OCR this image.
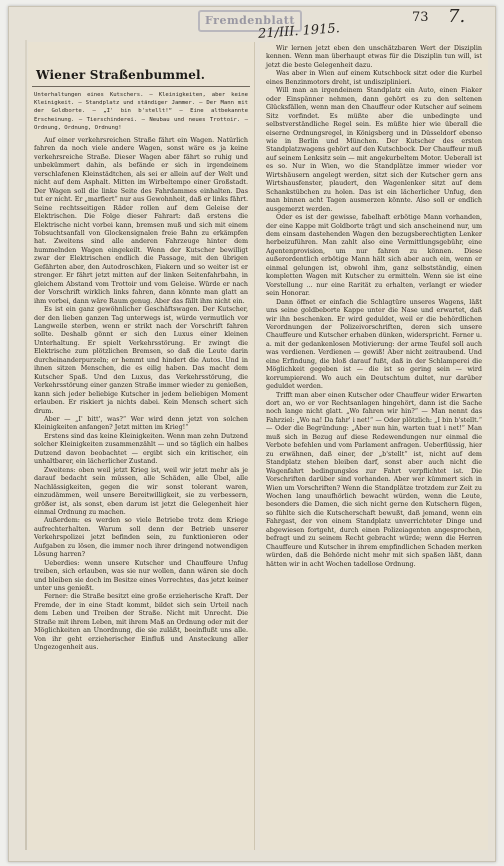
Fremdenblatt
21/III. 1915.
73 7.
Wiener Straßenbummel.
Unterhaltungen eines Kutschers. — Kleinigkeiten, aber keine Kleinigkeit. — Standplatz und ständiger Jammer. — Der Mann mit der Goldborte. — „I' bin b'stellt!“ — Eine altbekannte Erscheinung. — Tierschinderei. — Neubau und neues Trottoir. — Ordnung, Ordnung, Ordnung!

Auf einer verkehrsreichen Straße fährt ein Wagen. Natürlich fahren da noch viele andere Wagen, sonst wäre es ja keine verkehrsreiche Straße. Dieser Wagen aber fährt so ruhig und unbekümmert dahin, als befände er sich in irgendeinem verschlafenen Kleinstädtchen, als sei er allein auf der Welt und nicht auf dem Asphalt. Mitten im Wirbeltempo einer Großstadt. Der Wagen soll die linke Seite des Fahrdammes einhalten. Das tut er nicht. Er „marfiert“ nur aus Gewohnheit, daß er links fährt. Seine rechtsseitigen Räder rollen auf dem Geleise der Elektrischen. Die Folge dieser Fahrart: daß erstens die Elektrische nicht vorbei kann, bremsen muß und sich mit einem Tobsuchtsanfall von Glockensignalen freie Bahn zu erkämpfen hat. Zweitens sind alle anderen Fahrzeuge hinter dem hummelnden Wagen eingekeilt. Wenn der Kutscher bewilligt zwar der Elektrischen endlich die Passage, mit den übrigen Gefährten aber, den Autodroschken, Fiakern und so weiter ist er strenger. Er fährt jetzt mitten auf der linken Seitenfahrbahn, in gleichem Abstand vom Trottoir und vom Geleise. Würde er nach der Vorschrift wirklich links fahren, dann könnte man glatt an ihm vorbei, dann wäre Raum genug. Aber das fällt ihm nicht ein.

Es ist ein ganz gewöhnlicher Geschäftswagen. Der Kutscher, der den lieben ganzen Tag unterwegs ist, würde vermutlich vor Langweile sterben, wenn er strikt nach der Vorschrift fahren sollte. Deshalb gönnt er sich den Luxus einer kleinen Unterhaltung. Er spielt Verkehrsstörung. Er zwingt die Elektrische zum plötzlichen Bremsen, so daß die Leute darin durcheinanderpurzeln; er hemmt und hindert die Autos. Und in ihnen sitzen Menschen, die es eilig haben. Das macht dem Kutscher Spaß. Und den Luxus, das Verkehrsstörung, die Verkehrsstörung einer ganzen Straße immer wieder zu genießen, kann sich jeder beliebige Kutscher in jedem beliebigen Moment erlauben. Er riskiert ja nichts dabei. Kein Mensch schert sich drum.

Aber — „I' bitt', was?“ Wer wird denn jetzt von solchen Kleinigkeiten anfangen? Jetzt mitten im Krieg!“

Erstens sind das keine Kleinigkeiten. Wenn man zehn Dutzend solcher Kleinigkeiten zusammenzählt — und so täglich ein halbes Dutzend davon beobachtet — ergibt sich ein kritischer, ein unhaltbarer, ein lächerlicher Zustand.

Zweitens: oben weil jetzt Krieg ist, weil wir jetzt mehr als je darauf bedacht sein müssen, alle Schäden, alle Übel, alle Nachlässigkeiten, gegen die wir sonst tolerant waren, einzudämmen, weil unsere Bereitwilligkeit, sie zu verbessern, größer ist, als sonst, eben darum ist jetzt die Gelegenheit hier einmal Ordnung zu machen.

Außerdem: es werden so viele Betriebe trotz dem Kriege aufrechterhalten. Warum soll denn der Betrieb unserer Verkehrspolizei jetzt befinden sein, zu funktionieren oder Aufgaben zu lösen, die immer noch ihrer dringend notwendigen Lösung harren?

Ueberdies: wenn unsere Kutscher und Chauffeure Unfug treiben, sich erlauben, was sie nur wollen, dann wären sie doch und bleiben sie doch im Besitze eines Vorrechtes, das jetzt keiner unter uns genießt.

Ferner: die Straße besitzt eine große erzieherische Kraft. Der Fremde, der in eine Stadt kommt, bildet sich sein Urteil nach dem Leben und Treiben der Straße. Nicht mit Unrecht. Die Straße mit ihrem Leben, mit ihrem Maß an Ordnung oder mit der Möglichkeiten an Unordnung, die sie zuläßt, beeinflußt uns alle. Von ihr geht erzieherischer Einfluß und Ansteckung aller Ungezogenheit aus.

Wir lernen jetzt eben den unschätzbaren Wert der Disziplin kennen. Wenn man überhaupt etwas für die Disziplin tun will, ist jetzt die beste Gelegenheit dazu.

Was aber in Wien auf einem Kutschbock sitzt oder die Kurbel eines Benzinmotors dreht, ist undisziplinieri.

Will man an irgendeinem Standplatz ein Auto, einen Fiaker oder Einspänner nehmen, dann gehört es zu den seltenen Glücksfällen, wenn man den Chauffeur oder Kutscher auf seinem Sitz vorfindet. Es müßte aber die unbedingte und selbstverständliche Regel sein. Es müßte hier wie überall die eiserne Ordnungsregel, in Königsberg und in Düsseldorf ebenso wie in Berlin und München. Der Kutscher des ersten Standplatzwagens gehört auf den Kutschbock. Der Chauffeur muß auf seinem Lenksitz sein — mit angekurbeltem Motor. Ueberall ist es so. Nur in Wien, wo die Standplätze immer wieder vor Wirtshäusern angelegt werden, sitzt sich der Kutscher gern ans Wirtshausfenster, plaudert, den Wagenlenker sitzt auf dem Schankstübchen zu holen. Das ist ein lächerlicher Unfug, den man binnen acht Tagen ausmerzen könnte. Also soll er endlich ausgemerzt werden.

Oder es ist der gewisse, fabelhaft erbötige Mann vorhanden, der eine Kappe mit Goldborte trägt und sich anscheinend nur, um dem einsam dastehenden Wagen den bezugsberechtigten Lenker herbeizuführen. Man zahlt also eine Vermittlungsgebühr, eine Agentenprovision, um nur fahren zu können. Diese außerordentlich erbötige Mann hält sich aber auch ein, wenn er einmal gelungen ist, obwohl ihm, ganz selbstständig, einen kompletten Wagen mit Kutscher zu ermitteln. Wenn sie ist eine Vorstellung ... nur eine Rarität zu erhalten, verlangt er wieder sein Honorar.

Dann öffnet er einfach die Schlagtüre unseres Wagens, läßt uns seine goldbeborte Kappe unter die Nase und erwartet, daß wir ihn beschenken. Er wird geduldet, weil er die behördlichen Verordnungen der Polizeivorschriften, deren sich unsere Chauffeure und Kutscher erhaben dünken, widerspricht. Ferner u. a. mit der gedankenlosen Motivierung: der arme Teufel soll auch was verdienen. Verdienen — gewiß! Aber nicht zeitraubend. Und eine Erfindung, die bloß darauf fußt, daß in der Schlamperei die Möglichkeit gegeben ist — die ist so gering sein — wird korrumpierend. Wo auch ein Deutschtum dultet, nur darüber geduldet werden.

Trifft man aber einen Kutscher oder Chauffeur wider Erwarten dort an, wo er vor Rechtsanlagen hingehört, dann ist die Sache noch lange nicht glatt. „Wo fahren wir hin?“ — Man nennt das Fahrziel: „Wo na! Da fahr' i net!“ — Oder plötzlich: „I bin b'stellt.“ — Oder die Begründung: „Aber nun hin, warten tuat i net!“ Man muß sich in Bezug auf diese Redewendungen nur einmal die Verbote befehlen und vom Parlament anfragen. Ueberflüssig, hier zu erwähnen, daß einer, der „b'stellt“ ist, nicht auf dem Standplatz stehen bleiben darf, sonst aber auch nicht die Wagenfahrt bedingungslos zur Fahrt verpflichtet ist. Die Vorschriften darüber sind vorhanden. Aber wer kümmert sich in Wien um Vorschriften? Wenn die Standplätze trotzdem zur Zeit zu Wochen lang unaufhörlich bewacht würden, wenn die Leute, besonders die Damen, die sich nicht gerne den Kutschern fügen, so fühlte sich die Kutscherschaft bewußt, daß jemand, wenn ein Fahrgast, der von einem Standplatz unverrichteter Dinge und abgewiesen fortgeht, durch einen Polizeiagenten angesprochen, befragt und zu seinem Recht gebracht würde; wenn die Herren Chauffeure und Kutscher in ihrem empfindlichen Schaden merken würden, daß die Behörde nicht mehr mit sich spaßen läßt, dann hätten wir in acht Wochen tadellose Ordnung.
